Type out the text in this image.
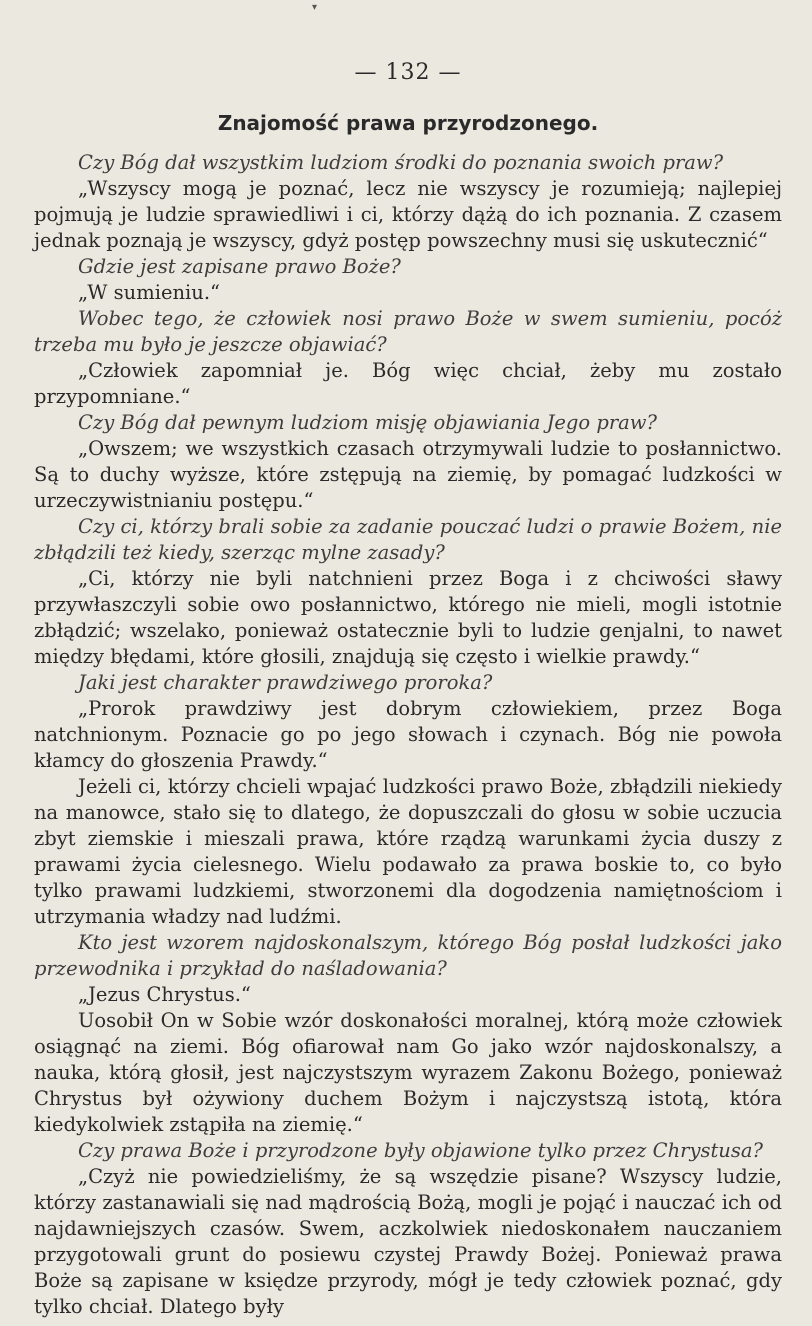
▾
— 132 —
Znajomość prawa przyrodzonego.

Czy Bóg dał wszystkim ludziom środki do poznania swoich praw?

„Wszyscy mogą je poznać, lecz nie wszyscy je rozumieją; najlepiej pojmują je ludzie sprawiedliwi i ci, którzy dążą do ich poznania. Z czasem jednak poznają je wszyscy, gdyż postęp powszechny musi się uskutecznić“

Gdzie jest zapisane prawo Boże?

„W sumieniu.“

Wobec tego, że człowiek nosi prawo Boże w swem sumieniu, pocóż trzeba mu było je jeszcze objawiać?

„Człowiek zapomniał je. Bóg więc chciał, żeby mu zostało przypomniane.“

Czy Bóg dał pewnym ludziom misję objawiania Jego praw?

„Owszem; we wszystkich czasach otrzymywali ludzie to posłannictwo. Są to duchy wyższe, które zstępują na ziemię, by pomagać ludzkości w urzeczywistnianiu postępu.“

Czy ci, którzy brali sobie za zadanie pouczać ludzi o prawie Bożem, nie zbłądzili też kiedy, szerząc mylne zasady?

„Ci, którzy nie byli natchnieni przez Boga i z chciwości sławy przywłaszczyli sobie owo posłannictwo, którego nie mieli, mogli istotnie zbłądzić; wszelako, ponieważ ostatecznie byli to ludzie genjalni, to nawet między błędami, które głosili, znajdują się często i wielkie prawdy.“

Jaki jest charakter prawdziwego proroka?

„Prorok prawdziwy jest dobrym człowiekiem, przez Boga natchnionym. Poznacie go po jego słowach i czynach. Bóg nie powoła kłamcy do głoszenia Prawdy.“

Jeżeli ci, którzy chcieli wpajać ludzkości prawo Boże, zbłądzili niekiedy na manowce, stało się to dlatego, że dopuszczali do głosu w sobie uczucia zbyt ziemskie i mieszali prawa, które rządzą warunkami życia duszy z prawami życia cielesnego. Wielu podawało za prawa boskie to, co było tylko prawami ludzkiemi, stworzonemi dla dogodzenia namiętnościom i utrzymania władzy nad ludźmi.

Kto jest wzorem najdoskonalszym, którego Bóg posłał ludzkości jako przewodnika i przykład do naśladowania?

„Jezus Chrystus.“

Uosobił On w Sobie wzór doskonałości moralnej, którą może człowiek osiągnąć na ziemi. Bóg ofiarował nam Go jako wzór najdoskonalszy, a nauka, którą głosił, jest najczystszym wyrazem Zakonu Bożego, ponieważ Chrystus był ożywiony duchem Bożym i najczystszą istotą, która kiedykolwiek zstąpiła na ziemię.“

Czy prawa Boże i przyrodzone były objawione tylko przez Chrystusa?

„Czyż nie powiedzieliśmy, że są wszędzie pisane? Wszyscy ludzie, którzy zastanawiali się nad mądrością Bożą, mogli je pojąć i nauczać ich od najdawniejszych czasów. Swem, aczkolwiek niedoskonałem nauczaniem przygotowali grunt do posiewu czystej Prawdy Bożej. Ponieważ prawa Boże są zapisane w księdze przyrody, mógł je tedy człowiek poznać, gdy tylko chciał. Dlatego były
